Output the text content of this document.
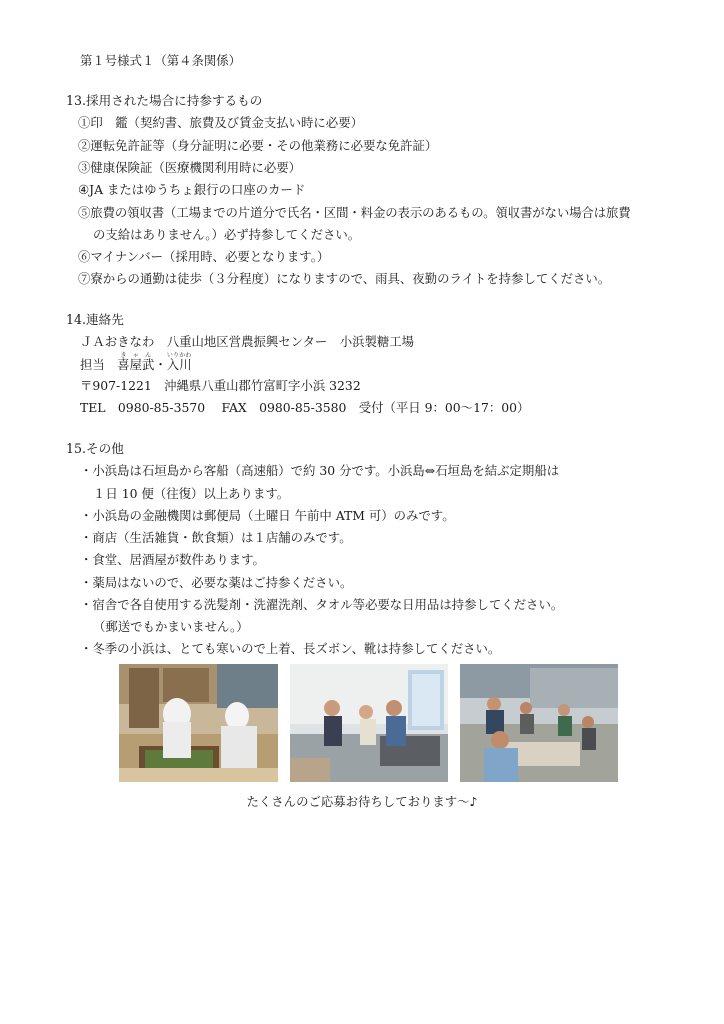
第１号様式１（第４条関係）
13.採用された場合に持参するもの
①印　鑑（契約書、旅費及び賃金支払い時に必要）
②運転免許証等（身分証明に必要・その他業務に必要な免許証）
③健康保険証（医療機関利用時に必要）
④JA またはゆうちょ銀行の口座のカード
⑤旅費の領収書（工場までの片道分で氏名・区間・料金の表示のあるもの。領収書がない場合は旅費
の支給はありません。）必ず持参してください。
⑥マイナンバー（採用時、必要となります。）
⑦寮からの通勤は徒歩（３分程度）になりますので、雨具、夜勤のライトを持参してください。
14.連絡先
ＪＡおきなわ　八重山地区営農振興センター　小浜製糖工場
担当　喜屋武きゃん・入川いりかわ
〒907-1221　沖縄県八重山郡竹富町字小浜 3232
TEL　0980-85-3570　 FAX　0980-85-3580　受付（平日 9：00〜17：00）
15.その他
・小浜島は石垣島から客船（高速船）で約 30 分です。小浜島⇔石垣島を結ぶ定期船は
１日 10 便（往復）以上あります。
・小浜島の金融機関は郵便局（土曜日 午前中 ATM 可）のみです。
・商店（生活雑貨・飲食類）は１店舗のみです。
・食堂、居酒屋が数件あります。
・薬局はないので、必要な薬はご持参ください。
・宿舎で各自使用する洗髪剤・洗濯洗剤、タオル等必要な日用品は持参してください。
（郵送でもかまいません。）
・冬季の小浜は、とても寒いので上着、長ズボン、靴は持参してください。
たくさんのご応募お待ちしております〜♪
